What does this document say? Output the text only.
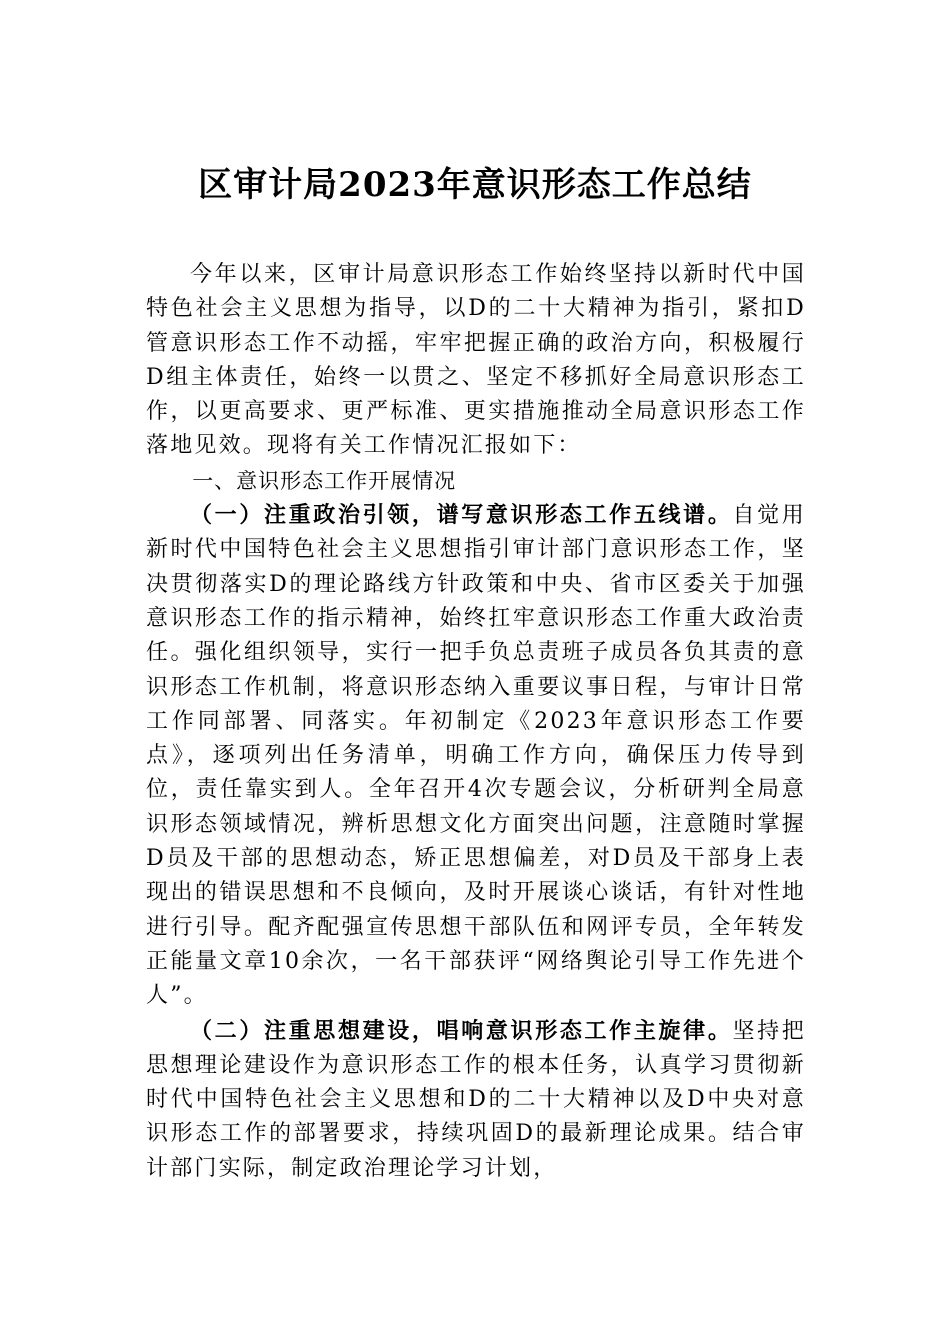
区审计局2023年意识形态工作总结

今年以来，区审计局意识形态工作始终坚持以新时代中国特色社会主义思想为指导，以D的二十大精神为指引，紧扣D管意识形态工作不动摇，牢牢把握正确的政治方向，积极履行D组主体责任，始终一以贯之、坚定不移抓好全局意识形态工作，以更高要求、更严标准、更实措施推动全局意识形态工作落地见效。现将有关工作情况汇报如下：

一、意识形态工作开展情况

（一）注重政治引领，谱写意识形态工作五线谱。自觉用新时代中国特色社会主义思想指引审计部门意识形态工作，坚决贯彻落实D的理论路线方针政策和中央、省市区委关于加强意识形态工作的指示精神，始终扛牢意识形态工作重大政治责任。强化组织领导，实行一把手负总责班子成员各负其责的意识形态工作机制，将意识形态纳入重要议事日程，与审计日常工作同部署、同落实。年初制定《2023年意识形态工作要点》，逐项列出任务清单，明确工作方向，确保压力传导到位，责任靠实到人。全年召开4次专题会议，分析研判全局意识形态领域情况，辨析思想文化方面突出问题，注意随时掌握D员及干部的思想动态，矫正思想偏差，对D员及干部身上表现出的错误思想和不良倾向，及时开展谈心谈话，有针对性地进行引导。配齐配强宣传思想干部队伍和网评专员，全年转发正能量文章10余次，一名干部获评“网络舆论引导工作先进个人”。

（二）注重思想建设，唱响意识形态工作主旋律。坚持把思想理论建设作为意识形态工作的根本任务，认真学习贯彻新时代中国特色社会主义思想和D的二十大精神以及D中央对意识形态工作的部署要求，持续巩固D的最新理论成果。结合审计部门实际，制定政治理论学习计划，
